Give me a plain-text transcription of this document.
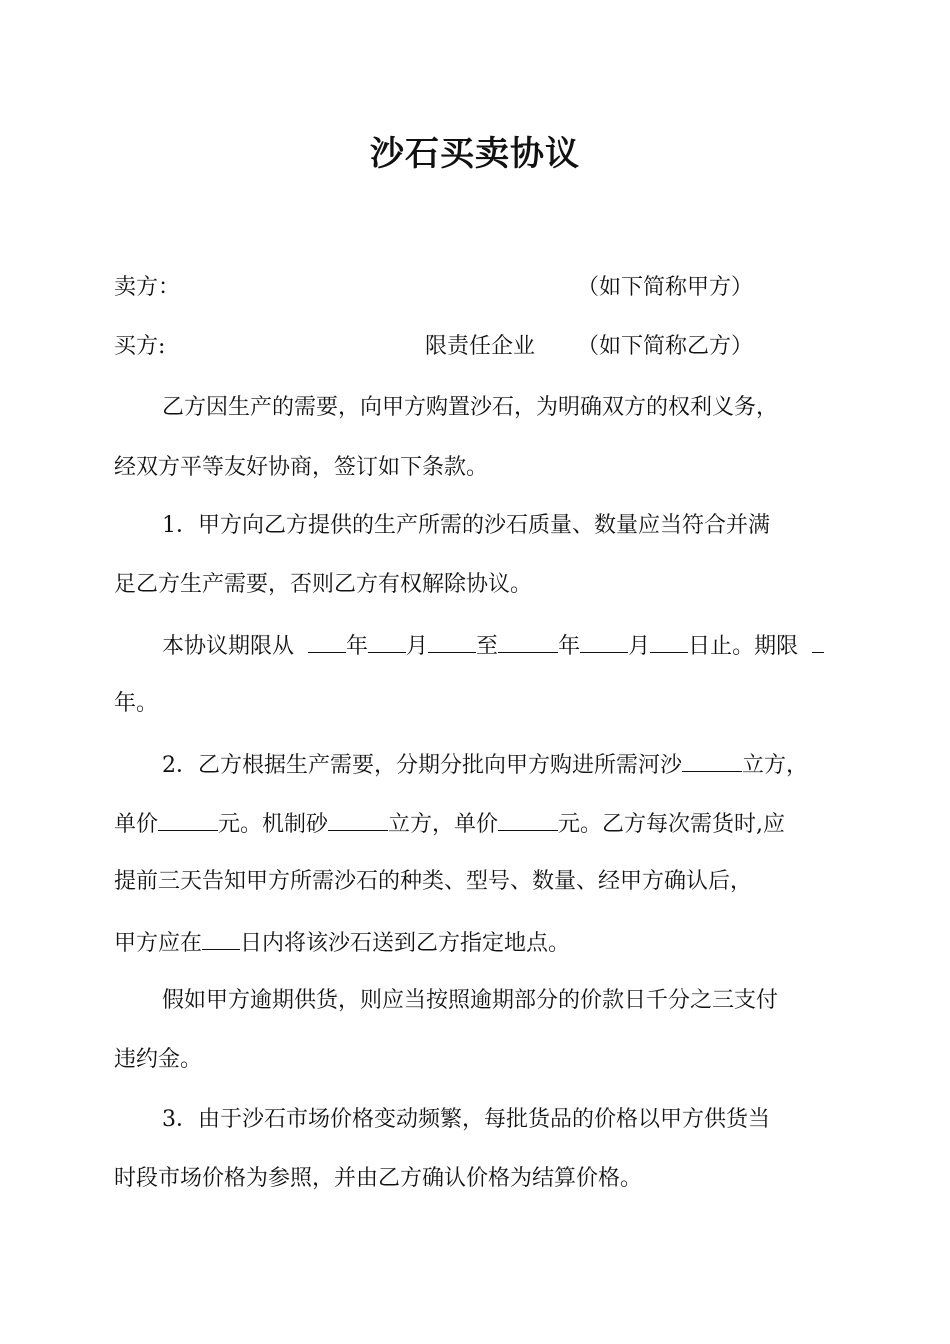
沙石买卖协议
卖方：	（如下简称甲方）
买方:	限责任企业 （如下简称乙方）
乙方因生产的需要，向甲方购置沙石，为明确双方的权利义务，
经双方平等友好协商，签订如下条款。
1．甲方向乙方提供的生产所需的沙石质量、数量应当符合并满
足乙方生产需要，否则乙方有权解除协议。
本协议期限从 年 月 至	年 月 日止。期限
年。
2．乙方根据生产需要，分期分批向甲方购进所需河沙	立方，
单价	元。机制砂	立方，单价	元。乙方每次需货时,应
提前三天告知甲方所需沙石的种类、型号、数量、经甲方确认后，
甲方应在 日内将该沙石送到乙方指定地点。
假如甲方逾期供货，则应当按照逾期部分的价款日千分之三支付
违约金。
3．由于沙石市场价格变动频繁，每批货品的价格以甲方供货当
时段市场价格为参照，并由乙方确认价格为结算价格。
